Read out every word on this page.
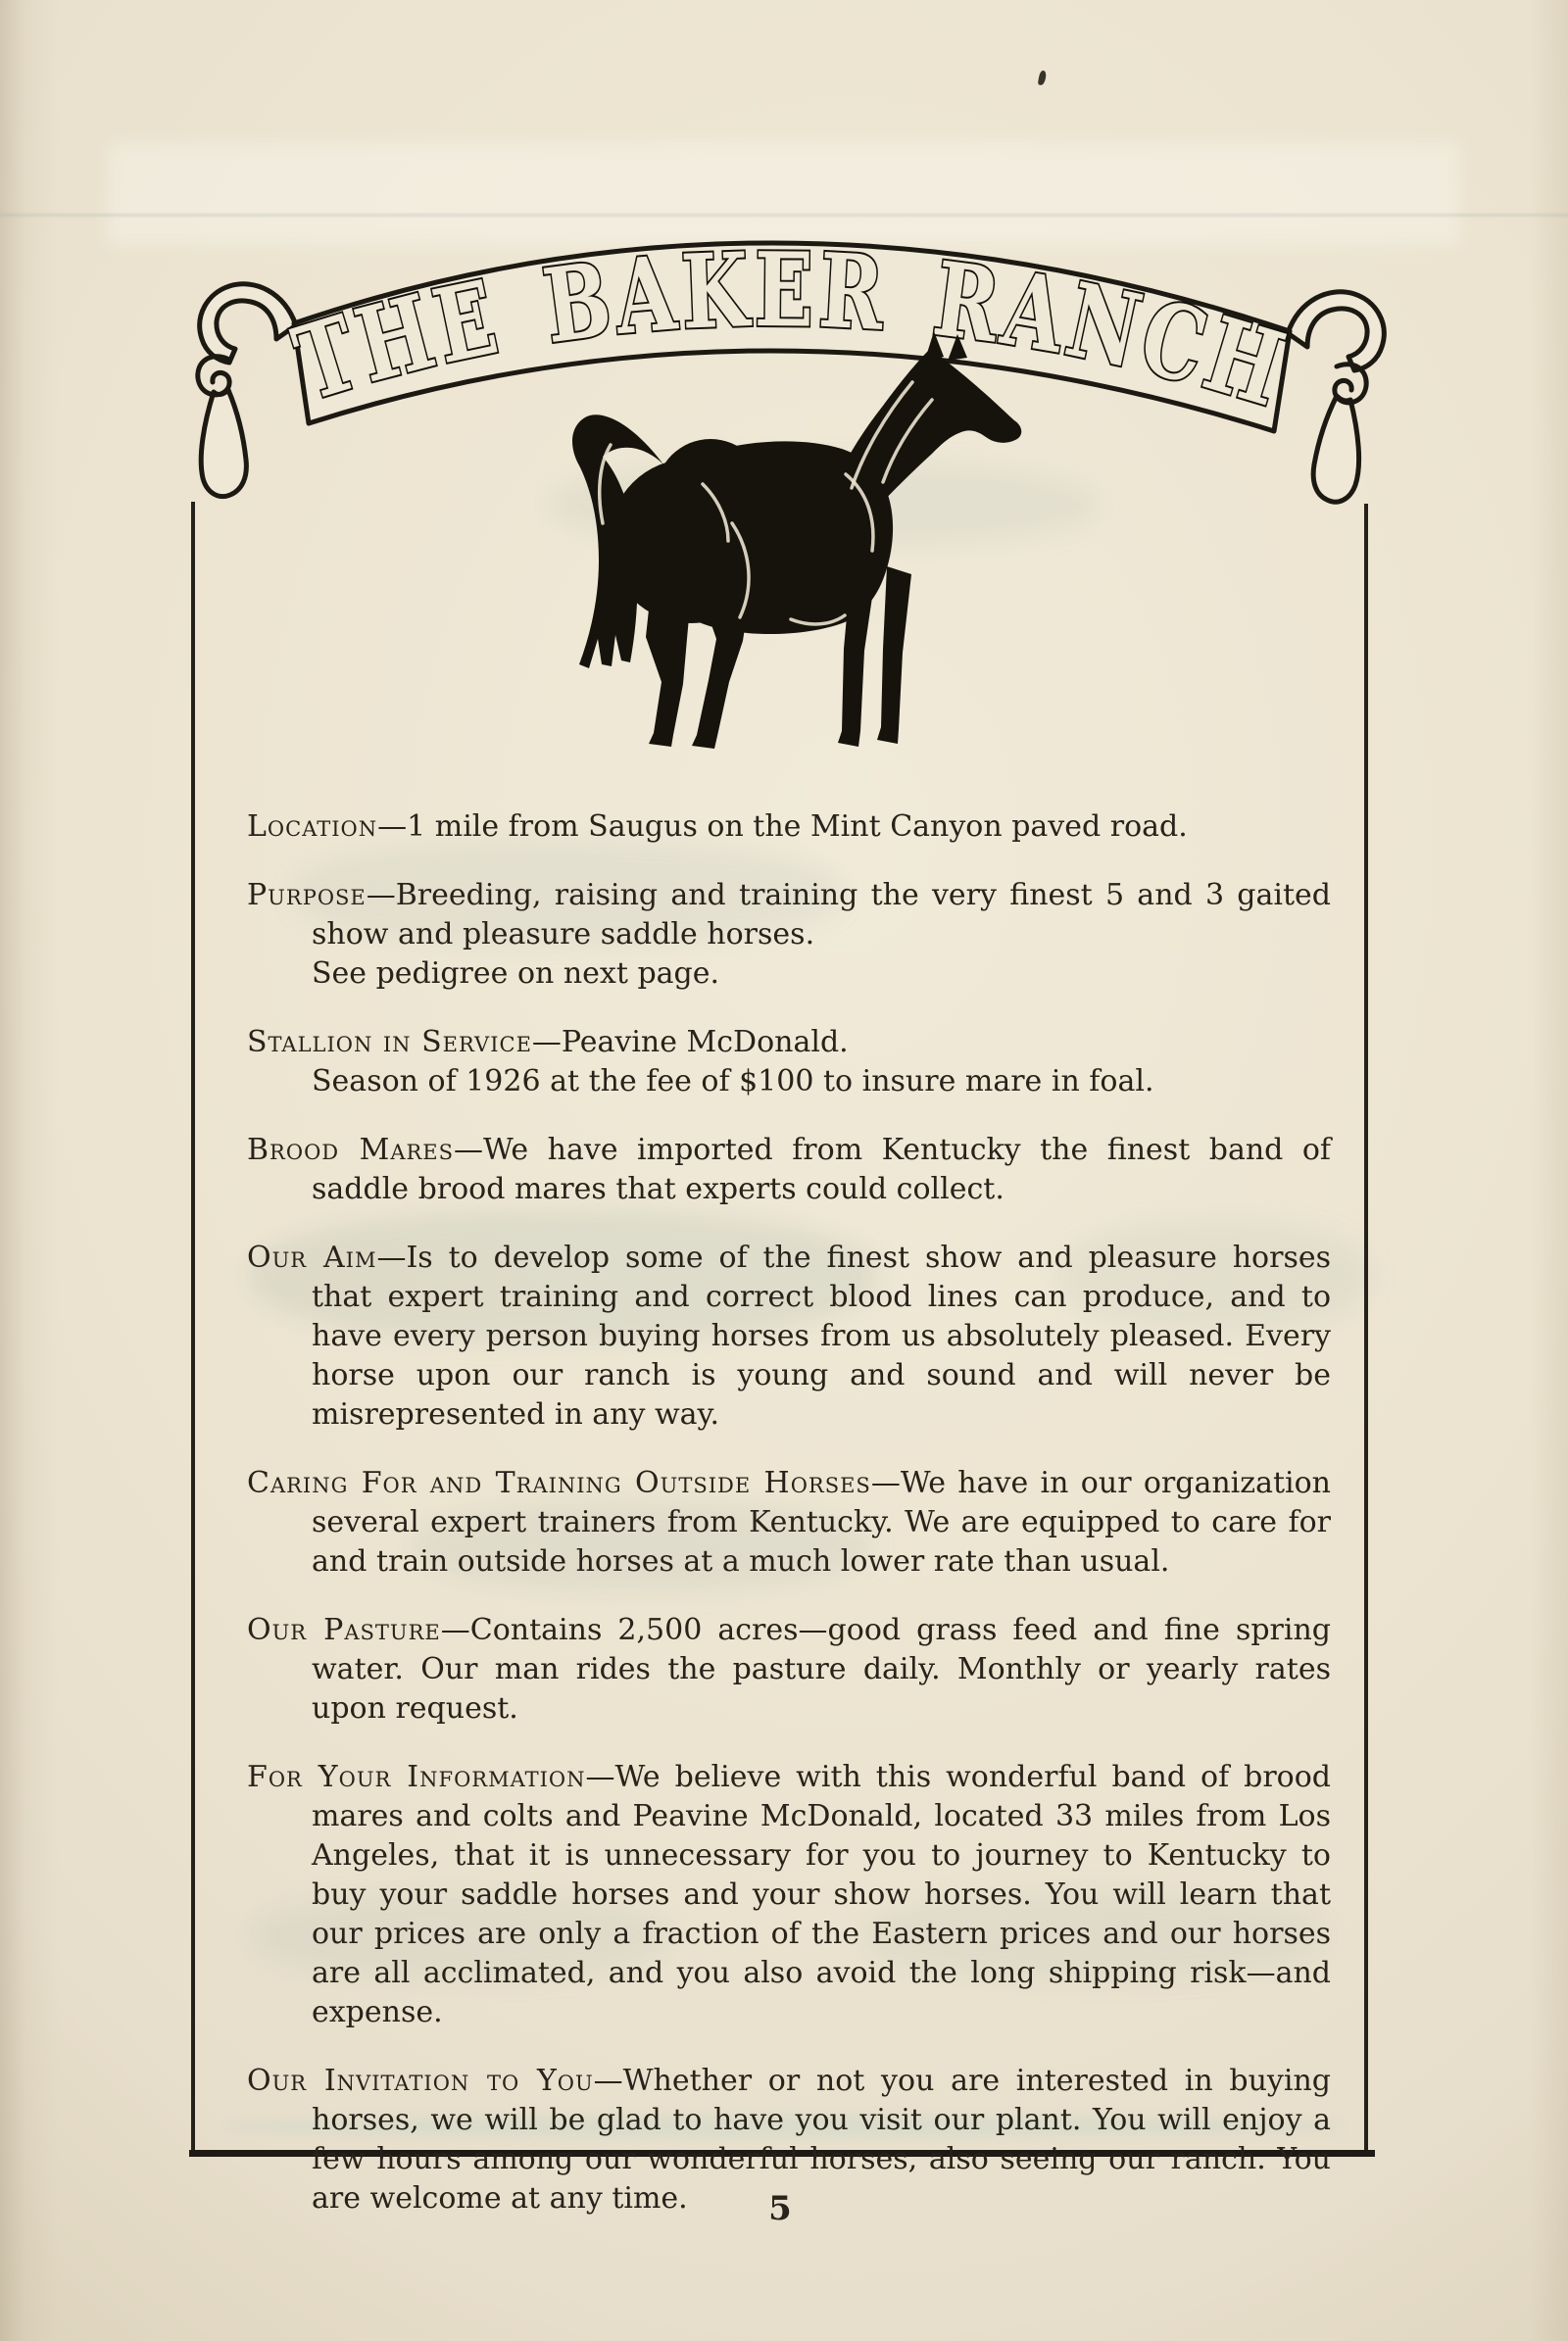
THE BAKER RANCH

Location—1 mile from Saugus on the Mint Canyon paved road.

Purpose—Breeding, raising and training the very finest 5 and 3 gaited show and pleasure saddle horses.
See pedigree on next page.

Stallion in Service—Peavine McDonald.
Season of 1926 at the fee of $100 to insure mare in foal.

Brood Mares—We have imported from Kentucky the finest band of saddle brood mares that experts could collect.

Our Aim—Is to develop some of the finest show and pleasure horses that expert training and correct blood lines can produce, and to have every person buying horses from us absolutely pleased. Every horse upon our ranch is young and sound and will never be misrepresented in any way.

Caring For and Training Outside Horses—We have in our organization several expert trainers from Kentucky. We are equipped to care for and train outside horses at a much lower rate than usual.

Our Pasture—Contains 2,500 acres—good grass feed and fine spring water. Our man rides the pasture daily. Monthly or yearly rates upon request.

For Your Information—We believe with this wonderful band of brood mares and colts and Peavine McDonald, located 33 miles from Los Angeles, that it is unnecessary for you to journey to Kentucky to buy your saddle horses and your show horses. You will learn that our prices are only a fraction of the Eastern prices and our horses are all acclimated, and you also avoid the long shipping risk—and expense.

Our Invitation to You—Whether or not you are interested in buying horses, we will be glad to have you visit our plant. You will enjoy a few hours among our wonderful horses, also seeing our ranch. You are welcome at any time.	5
